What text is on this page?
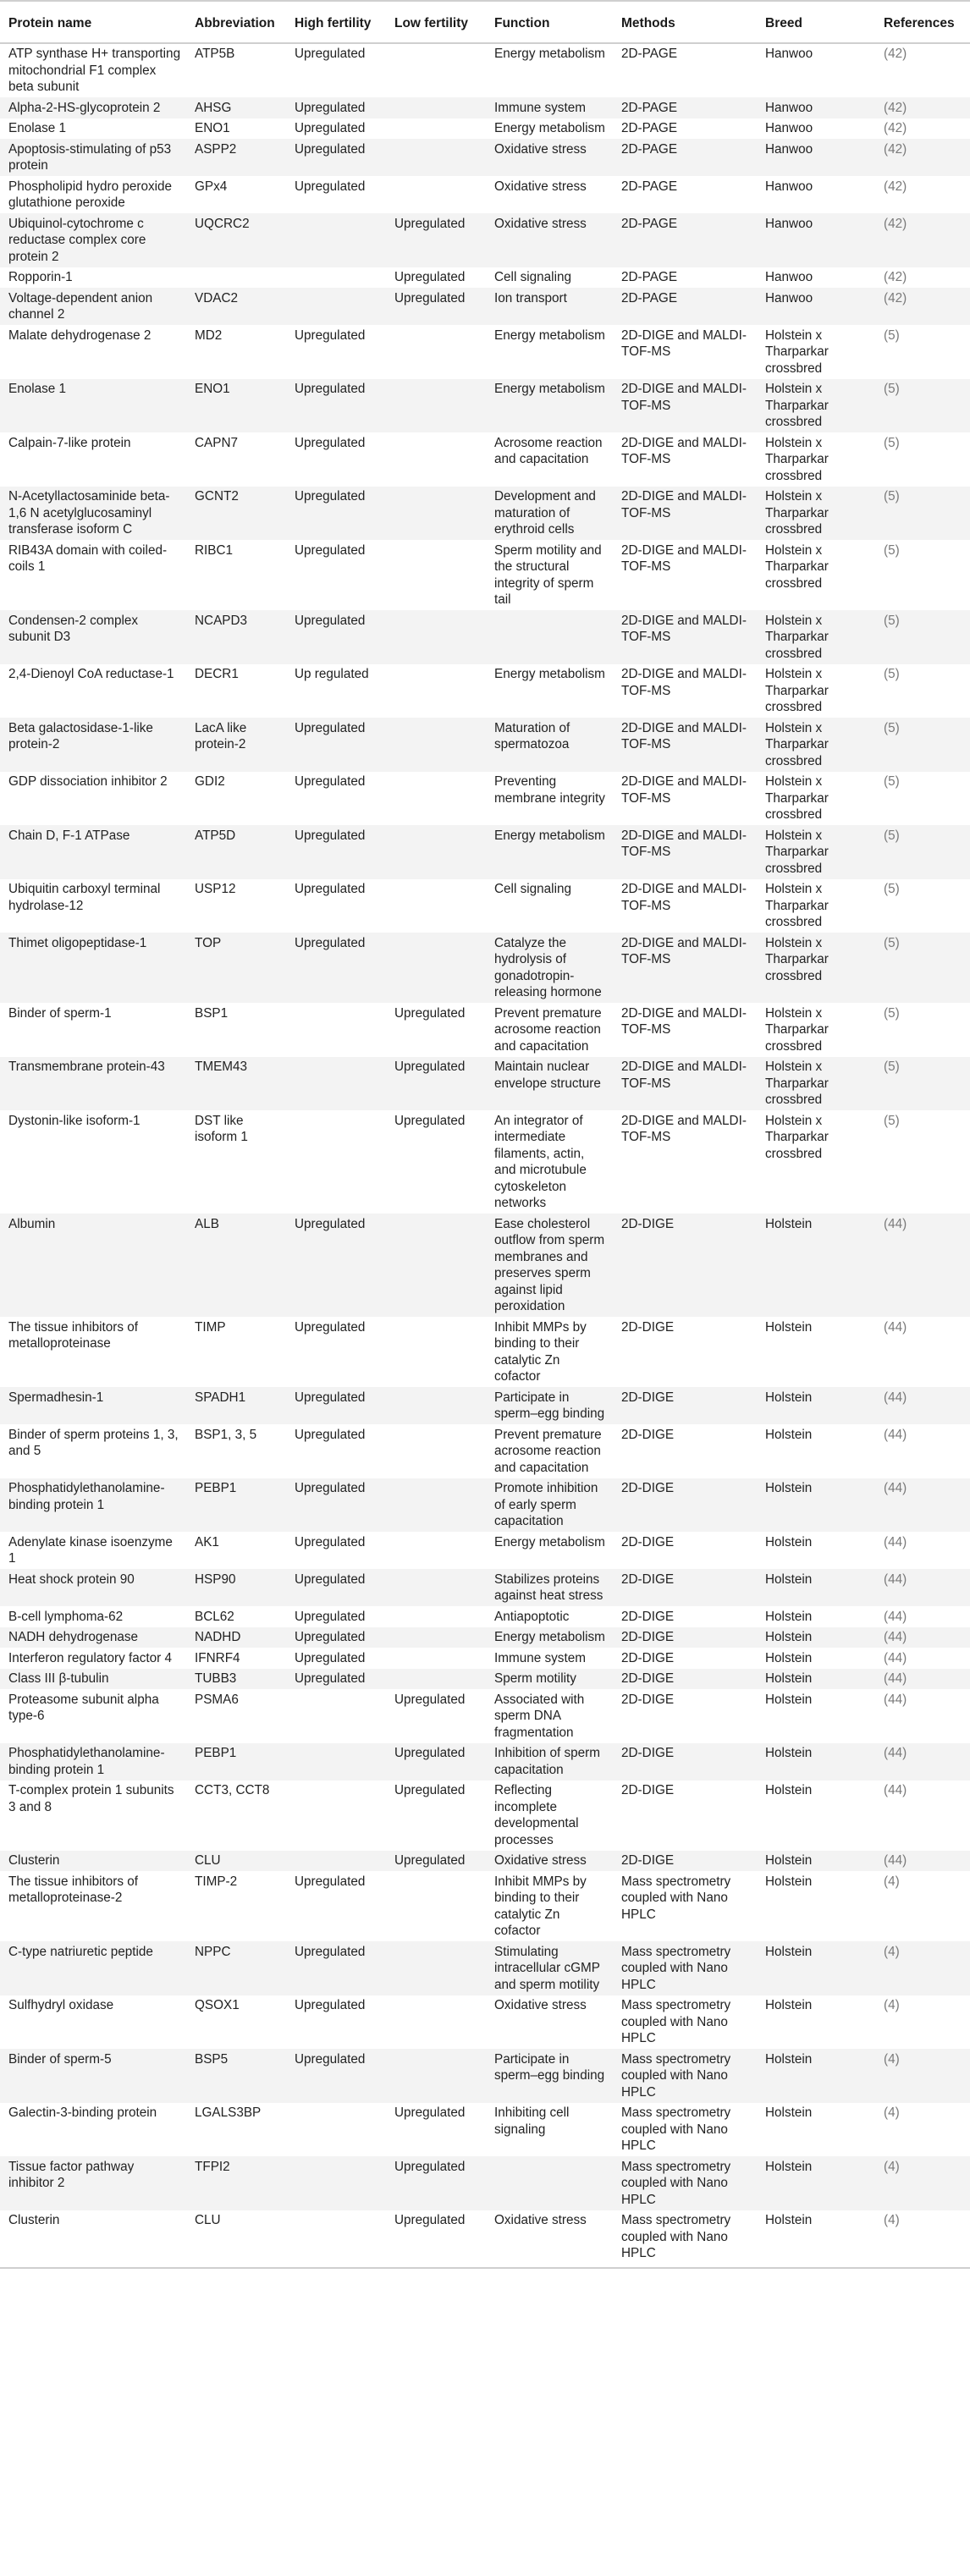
Protein name	Abbreviation	High fertility	Low fertility	Function	Methods	Breed	References
ATP synthase H+ transporting mitochondrial F1 complex beta subunit	ATP5B	Upregulated		Energy metabolism	2D-PAGE	Hanwoo	(42)
Alpha-2-HS-glycoprotein 2	AHSG	Upregulated		Immune system	2D-PAGE	Hanwoo	(42)
Enolase 1	ENO1	Upregulated		Energy metabolism	2D-PAGE	Hanwoo	(42)
Apoptosis-stimulating of p53 protein	ASPP2	Upregulated		Oxidative stress	2D-PAGE	Hanwoo	(42)
Phospholipid hydro peroxide glutathione peroxide	GPx4	Upregulated		Oxidative stress	2D-PAGE	Hanwoo	(42)
Ubiquinol-cytochrome c reductase complex core protein 2	UQCRC2		Upregulated	Oxidative stress	2D-PAGE	Hanwoo	(42)
Ropporin-1			Upregulated	Cell signaling	2D-PAGE	Hanwoo	(42)
Voltage-dependent anion channel 2	VDAC2		Upregulated	Ion transport	2D-PAGE	Hanwoo	(42)
Malate dehydrogenase 2	MD2	Upregulated		Energy metabolism	2D-DIGE and MALDI-TOF-MS	Holstein x Tharparkar crossbred	(5)
Enolase 1	ENO1	Upregulated		Energy metabolism	2D-DIGE and MALDI-TOF-MS	Holstein x Tharparkar crossbred	(5)
Calpain-7-like protein	CAPN7	Upregulated		Acrosome reaction and capacitation	2D-DIGE and MALDI-TOF-MS	Holstein x Tharparkar crossbred	(5)
N-Acetyllactosaminide beta-1,6 N acetylglucosaminyl transferase isoform C	GCNT2	Upregulated		Development and maturation of erythroid cells	2D-DIGE and MALDI-TOF-MS	Holstein x Tharparkar crossbred	(5)
RIB43A domain with coiled-coils 1	RIBC1	Upregulated		Sperm motility and the structural integrity of sperm tail	2D-DIGE and MALDI-TOF-MS	Holstein x Tharparkar crossbred	(5)
Condensen-2 complex subunit D3	NCAPD3	Upregulated			2D-DIGE and MALDI-TOF-MS	Holstein x Tharparkar crossbred	(5)
2,4-Dienoyl CoA reductase-1	DECR1	Up regulated		Energy metabolism	2D-DIGE and MALDI-TOF-MS	Holstein x Tharparkar crossbred	(5)
Beta galactosidase-1-like protein-2	LacA like protein-2	Upregulated		Maturation of spermatozoa	2D-DIGE and MALDI-TOF-MS	Holstein x Tharparkar crossbred	(5)
GDP dissociation inhibitor 2	GDI2	Upregulated		Preventing membrane integrity	2D-DIGE and MALDI-TOF-MS	Holstein x Tharparkar crossbred	(5)
Chain D, F-1 ATPase	ATP5D	Upregulated		Energy metabolism	2D-DIGE and MALDI-TOF-MS	Holstein x Tharparkar crossbred	(5)
Ubiquitin carboxyl terminal hydrolase-12	USP12	Upregulated		Cell signaling	2D-DIGE and MALDI-TOF-MS	Holstein x Tharparkar crossbred	(5)
Thimet oligopeptidase-1	TOP	Upregulated		Catalyze the hydrolysis of gonadotropin-releasing hormone	2D-DIGE and MALDI-TOF-MS	Holstein x Tharparkar crossbred	(5)
Binder of sperm-1	BSP1		Upregulated	Prevent premature acrosome reaction and capacitation	2D-DIGE and MALDI-TOF-MS	Holstein x Tharparkar crossbred	(5)
Transmembrane protein-43	TMEM43		Upregulated	Maintain nuclear envelope structure	2D-DIGE and MALDI-TOF-MS	Holstein x Tharparkar crossbred	(5)
Dystonin-like isoform-1	DST like isoform 1		Upregulated	An integrator of intermediate filaments, actin, and microtubule cytoskeleton networks	2D-DIGE and MALDI-TOF-MS	Holstein x Tharparkar crossbred	(5)
Albumin	ALB	Upregulated		Ease cholesterol outflow from sperm membranes and preserves sperm against lipid peroxidation	2D-DIGE	Holstein	(44)
The tissue inhibitors of metalloproteinase	TIMP	Upregulated		Inhibit MMPs by binding to their catalytic Zn cofactor	2D-DIGE	Holstein	(44)
Spermadhesin-1	SPADH1	Upregulated		Participate in sperm–egg binding	2D-DIGE	Holstein	(44)
Binder of sperm proteins 1, 3, and 5	BSP1, 3, 5	Upregulated		Prevent premature acrosome reaction and capacitation	2D-DIGE	Holstein	(44)
Phosphatidylethanolamine-binding protein 1	PEBP1	Upregulated		Promote inhibition of early sperm capacitation	2D-DIGE	Holstein	(44)
Adenylate kinase isoenzyme 1	AK1	Upregulated		Energy metabolism	2D-DIGE	Holstein	(44)
Heat shock protein 90	HSP90	Upregulated		Stabilizes proteins against heat stress	2D-DIGE	Holstein	(44)
B-cell lymphoma-62	BCL62	Upregulated		Antiapoptotic	2D-DIGE	Holstein	(44)
NADH dehydrogenase	NADHD	Upregulated		Energy metabolism	2D-DIGE	Holstein	(44)
Interferon regulatory factor 4	IFNRF4	Upregulated		Immune system	2D-DIGE	Holstein	(44)
Class III β-tubulin	TUBB3	Upregulated		Sperm motility	2D-DIGE	Holstein	(44)
Proteasome subunit alpha type-6	PSMA6		Upregulated	Associated with sperm DNA fragmentation	2D-DIGE	Holstein	(44)
Phosphatidylethanolamine-binding protein 1	PEBP1		Upregulated	Inhibition of sperm capacitation	2D-DIGE	Holstein	(44)
T-complex protein 1 subunits 3 and 8	CCT3, CCT8		Upregulated	Reflecting incomplete developmental processes	2D-DIGE	Holstein	(44)
Clusterin	CLU		Upregulated	Oxidative stress	2D-DIGE	Holstein	(44)
The tissue inhibitors of metalloproteinase-2	TIMP-2	Upregulated		Inhibit MMPs by binding to their catalytic Zn cofactor	Mass spectrometry coupled with Nano HPLC	Holstein	(4)
C-type natriuretic peptide	NPPC	Upregulated		Stimulating intracellular cGMP and sperm motility	Mass spectrometry coupled with Nano HPLC	Holstein	(4)
Sulfhydryl oxidase	QSOX1	Upregulated		Oxidative stress	Mass spectrometry coupled with Nano HPLC	Holstein	(4)
Binder of sperm-5	BSP5	Upregulated		Participate in sperm–egg binding	Mass spectrometry coupled with Nano HPLC	Holstein	(4)
Galectin-3-binding protein	LGALS3BP		Upregulated	Inhibiting cell signaling	Mass spectrometry coupled with Nano HPLC	Holstein	(4)
Tissue factor pathway inhibitor 2	TFPI2		Upregulated		Mass spectrometry coupled with Nano HPLC	Holstein	(4)
Clusterin	CLU		Upregulated	Oxidative stress	Mass spectrometry coupled with Nano HPLC	Holstein	(4)
